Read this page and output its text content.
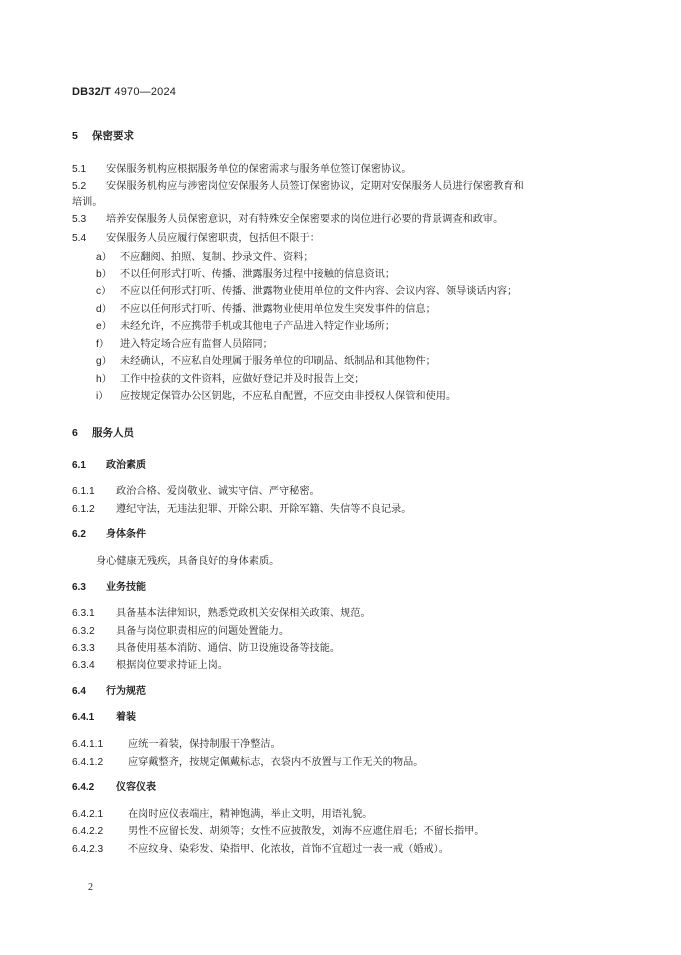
DB32/T 4970—2024
5 保密要求
5.1 安保服务机构应根据服务单位的保密需求与服务单位签订保密协议。
5.2 安保服务机构应与涉密岗位安保服务人员签订保密协议，定期对安保服务人员进行保密教育和
培训。
5.3 培养安保服务人员保密意识，对有特殊安全保密要求的岗位进行必要的背景调查和政审。
5.4 安保服务人员应履行保密职责，包括但不限于：
a） 不应翻阅、拍照、复制、抄录文件、资料；
b） 不以任何形式打听、传播、泄露服务过程中接触的信息资讯；
c） 不应以任何形式打听、传播、泄露物业使用单位的文件内容、会议内容、领导谈话内容；
d） 不应以任何形式打听、传播、泄露物业使用单位发生突发事件的信息；
e） 未经允许，不应携带手机或其他电子产品进入特定作业场所；
f） 进入特定场合应有监督人员陪同；
g） 未经确认，不应私自处理属于服务单位的印刷品、纸制品和其他物件；
h） 工作中捡获的文件资料，应做好登记并及时报告上交；
i） 应按规定保管办公区钥匙，不应私自配置，不应交由非授权人保管和使用。
6 服务人员
6.1 政治素质
6.1.1 政治合格、爱岗敬业、诚实守信、严守秘密。
6.1.2 遵纪守法，无违法犯罪、开除公职、开除军籍、失信等不良记录。
6.2 身体条件
身心健康无残疾，具备良好的身体素质。
6.3 业务技能
6.3.1 具备基本法律知识，熟悉党政机关安保相关政策、规范。
6.3.2 具备与岗位职责相应的问题处置能力。
6.3.3 具备使用基本消防、通信、防卫设施设备等技能。
6.3.4 根据岗位要求持证上岗。
6.4 行为规范
6.4.1 着装
6.4.1.1 应统一着装，保持制服干净整洁。
6.4.1.2 应穿戴整齐，按规定佩戴标志，衣袋内不放置与工作无关的物品。
6.4.2 仪容仪表
6.4.2.1 在岗时应仪表端庄，精神饱满，举止文明，用语礼貌。
6.4.2.2 男性不应留长发、胡须等；女性不应披散发，刘海不应遮住眉毛；不留长指甲。
6.4.2.3 不应纹身、染彩发、染指甲、化浓妆，首饰不宜超过一表一戒（婚戒）。
2
